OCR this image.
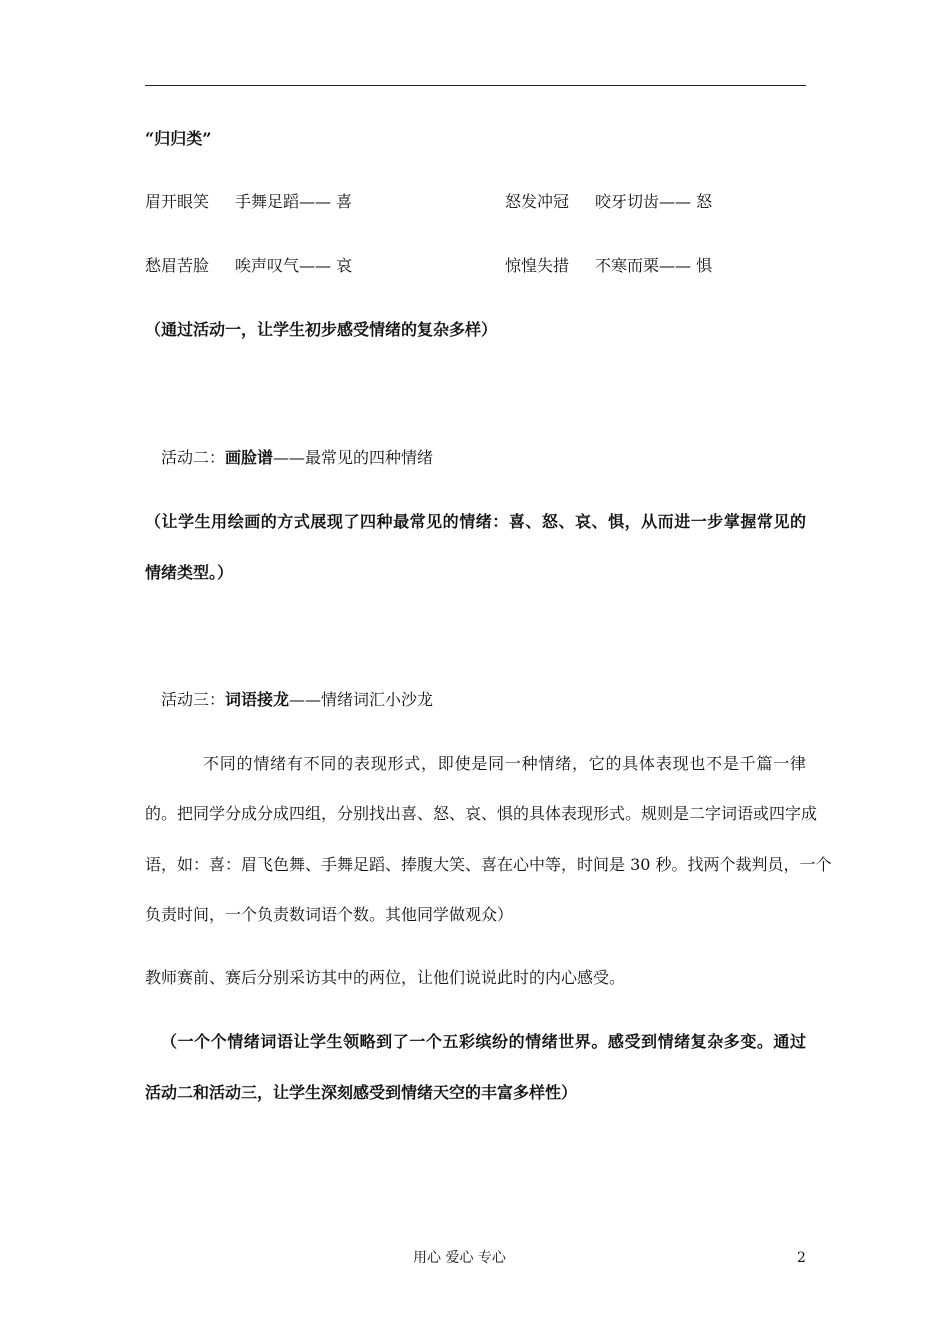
“归归类”
眉开眼笑 手舞足蹈—— 喜	怒发冲冠 咬牙切齿—— 怒
愁眉苦脸 唉声叹气—— 哀	惊惶失措 不寒而栗—— 惧
（通过活动一，让学生初步感受情绪的复杂多样）
活动二：画脸谱——最常见的四种情绪
（让学生用绘画的方式展现了四种最常见的情绪：喜、怒、哀、惧，从而进一步掌握常见的
情绪类型。）
活动三：词语接龙——情绪词汇小沙龙
不同的情绪有不同的表现形式，即使是同一种情绪，它的具体表现也不是千篇一律
的。把同学分成分成四组，分别找出喜、怒、哀、惧的具体表现形式。规则是二字词语或四字成
语，如：喜：眉飞色舞、手舞足蹈、捧腹大笑、喜在心中等，时间是 30 秒。找两个裁判员，一个
负责时间，一个负责数词语个数。其他同学做观众）
教师赛前、赛后分别采访其中的两位，让他们说说此时的内心感受。
（一个个情绪词语让学生领略到了一个五彩缤纷的情绪世界。感受到情绪复杂多变。通过
活动二和活动三，让学生深刻感受到情绪天空的丰富多样性）
用心 爱心 专心	2
